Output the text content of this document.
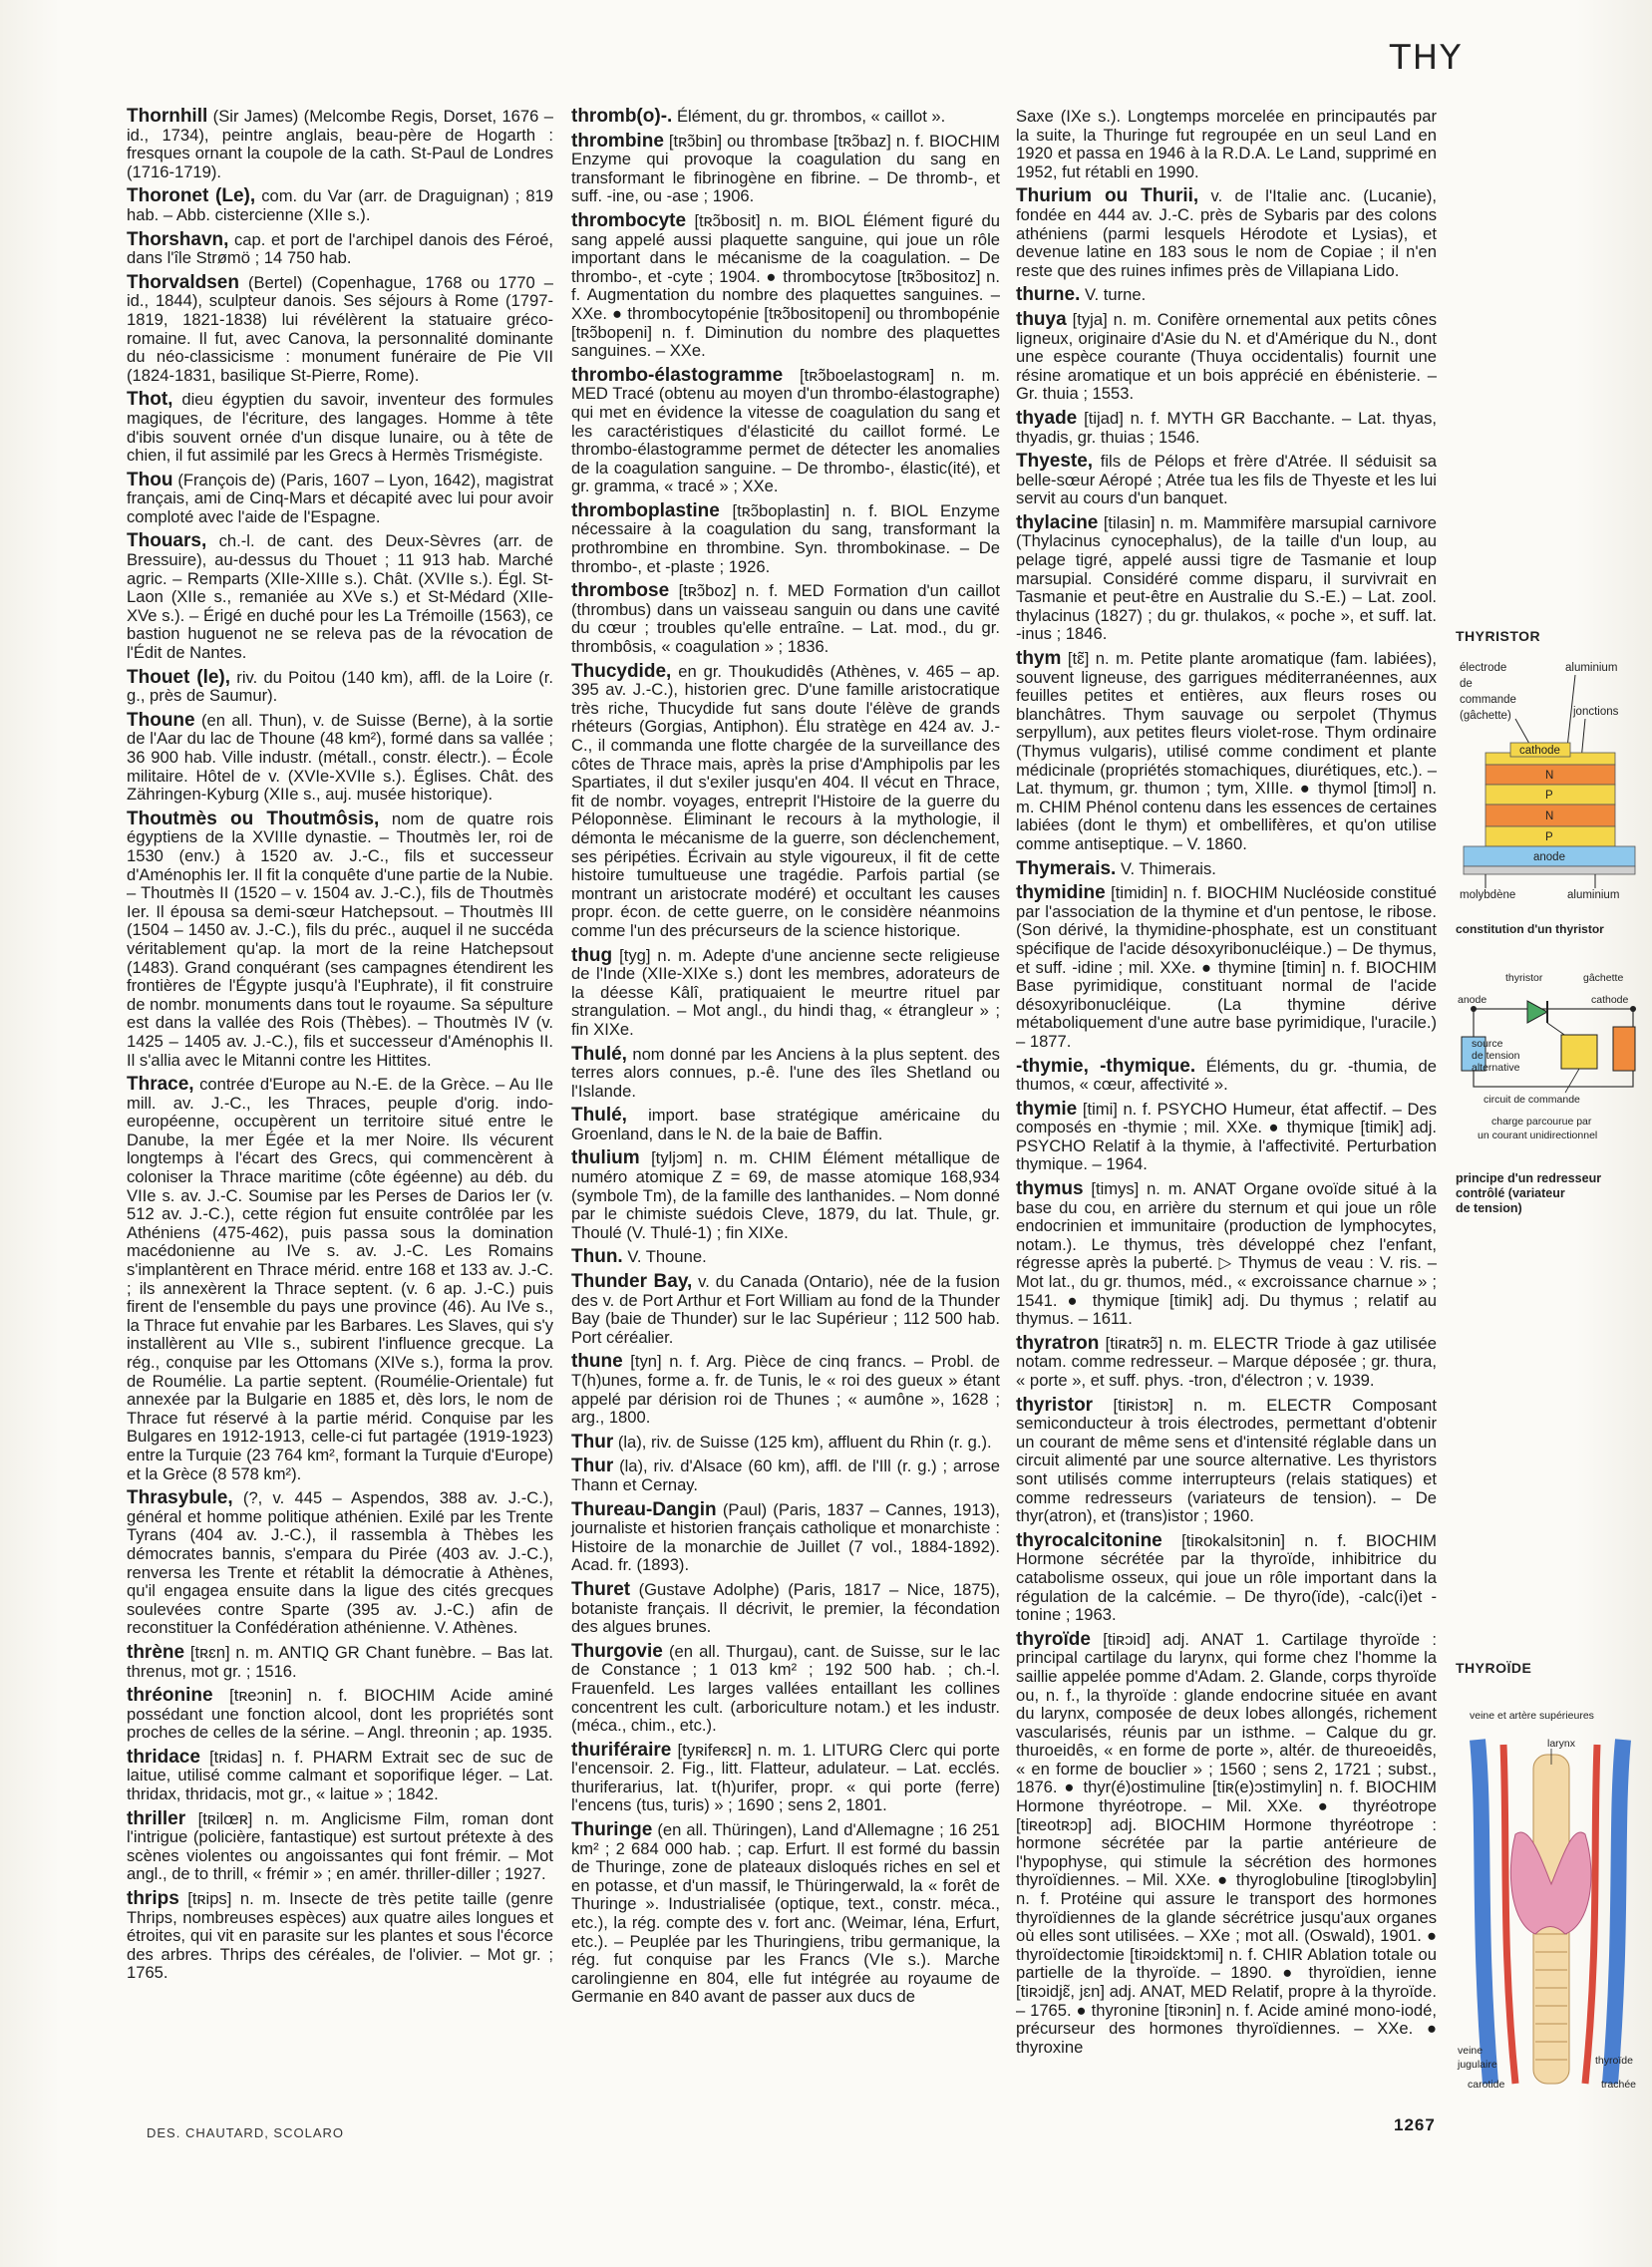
THY

Thornhill (Sir James) (Melcombe Regis, Dorset, 1676 – id., 1734), peintre anglais, beau-père de Hogarth : fresques ornant la coupole de la cath. St-Paul de Londres (1716-1719).

Thoronet (Le), com. du Var (arr. de Draguignan) ; 819 hab. – Abb. cistercienne (XIIe s.).

Thorshavn, cap. et port de l'archipel danois des Féroé, dans l'île Strømö ; 14 750 hab.

Thorvaldsen (Bertel) (Copenhague, 1768 ou 1770 – id., 1844), sculpteur danois. Ses séjours à Rome (1797-1819, 1821-1838) lui révélèrent la statuaire gréco-romaine. Il fut, avec Canova, la personnalité dominante du néo-classicisme : monument funéraire de Pie VII (1824-1831, basilique St-Pierre, Rome).

Thot, dieu égyptien du savoir, inventeur des formules magiques, de l'écriture, des langages. Homme à tête d'ibis souvent ornée d'un disque lunaire, ou à tête de chien, il fut assimilé par les Grecs à Hermès Trismégiste.

Thou (François de) (Paris, 1607 – Lyon, 1642), magistrat français, ami de Cinq-Mars et décapité avec lui pour avoir comploté avec l'aide de l'Espagne.

Thouars, ch.-l. de cant. des Deux-Sèvres (arr. de Bressuire), au-dessus du Thouet ; 11 913 hab. Marché agric. – Remparts (XIIe-XIIIe s.). Chât. (XVIIe s.). Égl. St-Laon (XIIe s., remaniée au XVe s.) et St-Médard (XIIe-XVe s.). – Érigé en duché pour les La Trémoille (1563), ce bastion huguenot ne se releva pas de la révocation de l'Édit de Nantes.

Thouet (le), riv. du Poitou (140 km), affl. de la Loire (r. g., près de Saumur).

Thoune (en all. Thun), v. de Suisse (Berne), à la sortie de l'Aar du lac de Thoune (48 km²), formé dans sa vallée ; 36 900 hab. Ville industr. (métall., constr. électr.). – École militaire. Hôtel de v. (XVIe-XVIIe s.). Églises. Chât. des Zähringen-Kyburg (XIIe s., auj. musée historique).

Thoutmès ou Thoutmôsis, nom de quatre rois égyptiens de la XVIIIe dynastie. – Thoutmès Ier, roi de 1530 (env.) à 1520 av. J.-C., fils et successeur d'Aménophis Ier. Il fit la conquête d'une partie de la Nubie. – Thoutmès II (1520 – v. 1504 av. J.-C.), fils de Thoutmès Ier. Il épousa sa demi-sœur Hatchepsout. – Thoutmès III (1504 – 1450 av. J.-C.), fils du préc., auquel il ne succéda véritablement qu'ap. la mort de la reine Hatchepsout (1483). Grand conquérant (ses campagnes étendirent les frontières de l'Égypte jusqu'à l'Euphrate), il fit construire de nombr. monuments dans tout le royaume. Sa sépulture est dans la vallée des Rois (Thèbes). – Thoutmès IV (v. 1425 – 1405 av. J.-C.), fils et successeur d'Aménophis II. Il s'allia avec le Mitanni contre les Hittites.

Thrace, contrée d'Europe au N.-E. de la Grèce. – Au IIe mill. av. J.-C., les Thraces, peuple d'orig. indo-européenne, occupèrent un territoire situé entre le Danube, la mer Égée et la mer Noire. Ils vécurent longtemps à l'écart des Grecs, qui commencèrent à coloniser la Thrace maritime (côte égéenne) au déb. du VIIe s. av. J.-C. Soumise par les Perses de Darios Ier (v. 512 av. J.-C.), cette région fut ensuite contrôlée par les Athéniens (475-462), puis passa sous la domination macédonienne au IVe s. av. J.-C. Les Romains s'implantèrent en Thrace mérid. entre 168 et 133 av. J.-C. ; ils annexèrent la Thrace septent. (v. 6 ap. J.-C.) puis firent de l'ensemble du pays une province (46). Au IVe s., la Thrace fut envahie par les Barbares. Les Slaves, qui s'y installèrent au VIIe s., subirent l'influence grecque. La rég., conquise par les Ottomans (XIVe s.), forma la prov. de Roumélie. La partie septent. (Roumélie-Orientale) fut annexée par la Bulgarie en 1885 et, dès lors, le nom de Thrace fut réservé à la partie mérid. Conquise par les Bulgares en 1912-1913, celle-ci fut partagée (1919-1923) entre la Turquie (23 764 km², formant la Turquie d'Europe) et la Grèce (8 578 km²).

Thrasybule, (?, v. 445 – Aspendos, 388 av. J.-C.), général et homme politique athénien. Exilé par les Trente Tyrans (404 av. J.-C.), il rassembla à Thèbes les démocrates bannis, s'empara du Pirée (403 av. J.-C.), renversa les Trente et rétablit la démocratie à Athènes, qu'il engagea ensuite dans la ligue des cités grecques soulevées contre Sparte (395 av. J.-C.) afin de reconstituer la Confédération athénienne. V. Athènes.

thrène [tʀɛn] n. m. ANTIQ GR Chant funèbre. – Bas lat. threnus, mot gr. ; 1516.

thréonine [tʀeɔnin] n. f. BIOCHIM Acide aminé possédant une fonction alcool, dont les propriétés sont proches de celles de la sérine. – Angl. threonin ; ap. 1935.

thridace [tʀidas] n. f. PHARM Extrait sec de suc de laitue, utilisé comme calmant et soporifique léger. – Lat. thridax, thridacis, mot gr., « laitue » ; 1842.

thriller [tʀilœʀ] n. m. Anglicisme Film, roman dont l'intrigue (policière, fantastique) est surtout prétexte à des scènes violentes ou angoissantes qui font frémir. – Mot angl., de to thrill, « frémir » ; en amér. thriller-diller ; 1927.

thrips [tʀips] n. m. Insecte de très petite taille (genre Thrips, nombreuses espèces) aux quatre ailes longues et étroites, qui vit en parasite sur les plantes et sous l'écorce des arbres. Thrips des céréales, de l'olivier. – Mot gr. ; 1765.

thromb(o)-. Élément, du gr. thrombos, « caillot ».

thrombine [tʀɔ̃bin] ou thrombase [tʀɔ̃baz] n. f. BIOCHIM Enzyme qui provoque la coagulation du sang en transformant le fibrinogène en fibrine. – De thromb-, et suff. -ine, ou -ase ; 1906.

thrombocyte [tʀɔ̃bosit] n. m. BIOL Élément figuré du sang appelé aussi plaquette sanguine, qui joue un rôle important dans le mécanisme de la coagulation. – De thrombo-, et -cyte ; 1904. ● thrombocytose [tʀɔ̃bositoz] n. f. Augmentation du nombre des plaquettes sanguines. – XXe. ● thrombocytopénie [tʀɔ̃bositopeni] ou thrombopénie [tʀɔ̃bopeni] n. f. Diminution du nombre des plaquettes sanguines. – XXe.

thrombo-élastogramme [tʀɔ̃boelastogʀam] n. m. MED Tracé (obtenu au moyen d'un thrombo-élastographe) qui met en évidence la vitesse de coagulation du sang et les caractéristiques d'élasticité du caillot formé. Le thrombo-élastogramme permet de détecter les anomalies de la coagulation sanguine. – De thrombo-, élastic(ité), et gr. gramma, « tracé » ; XXe.

thromboplastine [tʀɔ̃boplastin] n. f. BIOL Enzyme nécessaire à la coagulation du sang, transformant la prothrombine en thrombine. Syn. thrombokinase. – De thrombo-, et -plaste ; 1926.

thrombose [tʀɔ̃boz] n. f. MED Formation d'un caillot (thrombus) dans un vaisseau sanguin ou dans une cavité du cœur ; troubles qu'elle entraîne. – Lat. mod., du gr. thrombôsis, « coagulation » ; 1836.

Thucydide, en gr. Thoukudidês (Athènes, v. 465 – ap. 395 av. J.-C.), historien grec. D'une famille aristocratique très riche, Thucydide fut sans doute l'élève de grands rhéteurs (Gorgias, Antiphon). Élu stratège en 424 av. J.-C., il commanda une flotte chargée de la surveillance des côtes de Thrace mais, après la prise d'Amphipolis par les Spartiates, il dut s'exiler jusqu'en 404. Il vécut en Thrace, fit de nombr. voyages, entreprit l'Histoire de la guerre du Péloponnèse. Éliminant le recours à la mythologie, il démonta le mécanisme de la guerre, son déclenchement, ses péripéties. Écrivain au style vigoureux, il fit de cette histoire tumultueuse une tragédie. Parfois partial (se montrant un aristocrate modéré) et occultant les causes propr. écon. de cette guerre, on le considère néanmoins comme l'un des précurseurs de la science historique.

thug [tyg] n. m. Adepte d'une ancienne secte religieuse de l'Inde (XIIe-XIXe s.) dont les membres, adorateurs de la déesse Kâlî, pratiquaient le meurtre rituel par strangulation. – Mot angl., du hindi thag, « étrangleur » ; fin XIXe.

Thulé, nom donné par les Anciens à la plus septent. des terres alors connues, p.-ê. l'une des îles Shetland ou l'Islande.

Thulé, import. base stratégique américaine du Groenland, dans le N. de la baie de Baffin.

thulium [tyljɔm] n. m. CHIM Élément métallique de numéro atomique Z = 69, de masse atomique 168,934 (symbole Tm), de la famille des lanthanides. – Nom donné par le chimiste suédois Cleve, 1879, du lat. Thule, gr. Thoulé (V. Thulé-1) ; fin XIXe.

Thun. V. Thoune.

Thunder Bay, v. du Canada (Ontario), née de la fusion des v. de Port Arthur et Fort William au fond de la Thunder Bay (baie de Thunder) sur le lac Supérieur ; 112 500 hab. Port céréalier.

thune [tyn] n. f. Arg. Pièce de cinq francs. – Probl. de T(h)unes, forme a. fr. de Tunis, le « roi des gueux » étant appelé par dérision roi de Thunes ; « aumône », 1628 ; arg., 1800.

Thur (la), riv. de Suisse (125 km), affluent du Rhin (r. g.).

Thur (la), riv. d'Alsace (60 km), affl. de l'Ill (r. g.) ; arrose Thann et Cernay.

Thureau-Dangin (Paul) (Paris, 1837 – Cannes, 1913), journaliste et historien français catholique et monarchiste : Histoire de la monarchie de Juillet (7 vol., 1884-1892). Acad. fr. (1893).

Thuret (Gustave Adolphe) (Paris, 1817 – Nice, 1875), botaniste français. Il décrivit, le premier, la fécondation des algues brunes.

Thurgovie (en all. Thurgau), cant. de Suisse, sur le lac de Constance ; 1 013 km² ; 192 500 hab. ; ch.-l. Frauenfeld. Les larges vallées entaillant les collines concentrent les cult. (arboriculture notam.) et les industr. (méca., chim., etc.).

thuriféraire [tyʀifeʀɛʀ] n. m. 1. LITURG Clerc qui porte l'encensoir. 2. Fig., litt. Flatteur, adulateur. – Lat. ecclés. thuriferarius, lat. t(h)urifer, propr. « qui porte (ferre) l'encens (tus, turis) » ; 1690 ; sens 2, 1801.

Thuringe (en all. Thüringen), Land d'Allemagne ; 16 251 km² ; 2 684 000 hab. ; cap. Erfurt. Il est formé du bassin de Thuringe, zone de plateaux disloqués riches en sel et en potasse, et d'un massif, le Thüringerwald, la « forêt de Thuringe ». Industrialisée (optique, text., constr. méca., etc.), la rég. compte des v. fort anc. (Weimar, Iéna, Erfurt, etc.). – Peuplée par les Thuringiens, tribu germanique, la rég. fut conquise par les Francs (VIe s.). Marche carolingienne en 804, elle fut intégrée au royaume de Germanie en 840 avant de passer aux ducs de

Saxe (IXe s.). Longtemps morcelée en principautés par la suite, la Thuringe fut regroupée en un seul Land en 1920 et passa en 1946 à la R.D.A. Le Land, supprimé en 1952, fut rétabli en 1990.

Thurium ou Thurii, v. de l'Italie anc. (Lucanie), fondée en 444 av. J.-C. près de Sybaris par des colons athéniens (parmi lesquels Hérodote et Lysias), et devenue latine en 183 sous le nom de Copiae ; il n'en reste que des ruines infimes près de Villapiana Lido.

thurne. V. turne.

thuya [tyja] n. m. Conifère ornemental aux petits cônes ligneux, originaire d'Asie du N. et d'Amérique du N., dont une espèce courante (Thuya occidentalis) fournit une résine aromatique et un bois apprécié en ébénisterie. – Gr. thuia ; 1553.

thyade [tijad] n. f. MYTH GR Bacchante. – Lat. thyas, thyadis, gr. thuias ; 1546.

Thyeste, fils de Pélops et frère d'Atrée. Il séduisit sa belle-sœur Aéropé ; Atrée tua les fils de Thyeste et les lui servit au cours d'un banquet.

thylacine [tilasin] n. m. Mammifère marsupial carnivore (Thylacinus cynocephalus), de la taille d'un loup, au pelage tigré, appelé aussi tigre de Tasmanie et loup marsupial. Considéré comme disparu, il survivrait en Tasmanie et peut-être en Australie du S.-E.) – Lat. zool. thylacinus (1827) ; du gr. thulakos, « poche », et suff. lat. -inus ; 1846.

thym [tɛ̃] n. m. Petite plante aromatique (fam. labiées), souvent ligneuse, des garrigues méditerranéennes, aux feuilles petites et entières, aux fleurs roses ou blanchâtres. Thym sauvage ou serpolet (Thymus serpyllum), aux petites fleurs violet-rose. Thym ordinaire (Thymus vulgaris), utilisé comme condiment et plante médicinale (propriétés stomachiques, diurétiques, etc.). – Lat. thymum, gr. thumon ; tym, XIIIe. ● thymol [timɔl] n. m. CHIM Phénol contenu dans les essences de certaines labiées (dont le thym) et ombellifères, et qu'on utilise comme antiseptique. – V. 1860.

Thymerais. V. Thimerais.

thymidine [timidin] n. f. BIOCHIM Nucléoside constitué par l'association de la thymine et d'un pentose, le ribose. (Son dérivé, la thymidine-phosphate, est un constituant spécifique de l'acide désoxyribonucléique.) – De thymus, et suff. -idine ; mil. XXe. ● thymine [timin] n. f. BIOCHIM Base pyrimidique, constituant normal de l'acide désoxyribonucléique. (La thymine dérive métaboliquement d'une autre base pyrimidique, l'uracile.) – 1877.

-thymie, -thymique. Éléments, du gr. -thumia, de thumos, « cœur, affectivité ».

thymie [timi] n. f. PSYCHO Humeur, état affectif. – Des composés en -thymie ; mil. XXe. ● thymique [timik] adj. PSYCHO Relatif à la thymie, à l'affectivité. Perturbation thymique. – 1964.

thymus [timys] n. m. ANAT Organe ovoïde situé à la base du cou, en arrière du sternum et qui joue un rôle endocrinien et immunitaire (production de lymphocytes, notam.). Le thymus, très développé chez l'enfant, régresse après la puberté. ▷ Thymus de veau : V. ris. – Mot lat., du gr. thumos, méd., « excroissance charnue » ; 1541. ● thymique [timik] adj. Du thymus ; relatif au thymus. – 1611.

thyratron [tiʀatʀɔ̃] n. m. ELECTR Triode à gaz utilisée notam. comme redresseur. – Marque déposée ; gr. thura, « porte », et suff. phys. -tron, d'électron ; v. 1939.

thyristor [tiʀistɔʀ] n. m. ELECTR Composant semiconducteur à trois électrodes, permettant d'obtenir un courant de même sens et d'intensité réglable dans un circuit alimenté par une source alternative. Les thyristors sont utilisés comme interrupteurs (relais statiques) et comme redresseurs (variateurs de tension). – De thyr(atron), et (trans)istor ; 1960.

thyrocalcitonine [tiʀokalsitɔnin] n. f. BIOCHIM Hormone sécrétée par la thyroïde, inhibitrice du catabolisme osseux, qui joue un rôle important dans la régulation de la calcémie. – De thyro(ïde), -calc(i)et -tonine ; 1963.

thyroïde [tiʀɔid] adj. ANAT 1. Cartilage thyroïde : principal cartilage du larynx, qui forme chez l'homme la saillie appelée pomme d'Adam. 2. Glande, corps thyroïde ou, n. f., la thyroïde : glande endocrine située en avant du larynx, composée de deux lobes allongés, richement vascularisés, réunis par un isthme. – Calque du gr. thuroeidês, « en forme de porte », altér. de thureoeidês, « en forme de bouclier » ; 1560 ; sens 2, 1721 ; subst., 1876. ● thyr(é)ostimuline [tiʀ(e)ɔstimylin] n. f. BIOCHIM Hormone thyréotrope. – Mil. XXe. ● thyréotrope [tiʀeotʀɔp] adj. BIOCHIM Hormone thyréotrope : hormone sécrétée par la partie antérieure de l'hypophyse, qui stimule la sécrétion des hormones thyroïdiennes. – Mil. XXe. ● thyroglobuline [tiʀoglɔbylin] n. f. Protéine qui assure le transport des hormones thyroïdiennes de la glande sécrétrice jusqu'aux organes où elles sont utilisées. – XXe ; mot all. (Oswald), 1901. ● thyroïdectomie [tiʀɔidɛktɔmi] n. f. CHIR Ablation totale ou partielle de la thyroïde. – 1890. ● thyroïdien, ienne [tiʀɔidjɛ̃, jɛn] adj. ANAT, MED Relatif, propre à la thyroïde. – 1765. ● thyronine [tiʀɔnin] n. f. Acide aminé mono-iodé, précurseur des hormones thyroïdiennes. – XXe. ● thyroxine

THYRISTOR
électrode
de
commande
(gâchette)
aluminium
jonctions
cathode
N
P
N
P
anode
molybdène	aluminium
constitution d'un thyristor
thyristor	gâchette
anode	cathode
source
de tension
alternative
circuit de commande
charge parcourue par
un courant unidirectionnel
principe d'un redresseur
contrôlé (variateur
de tension)
THYROÏDE
veine et artère supérieures
larynx
veine
jugulaire
carotide
thyroïde
trachée
DES. CHAUTARD, SCOLARO	1267
